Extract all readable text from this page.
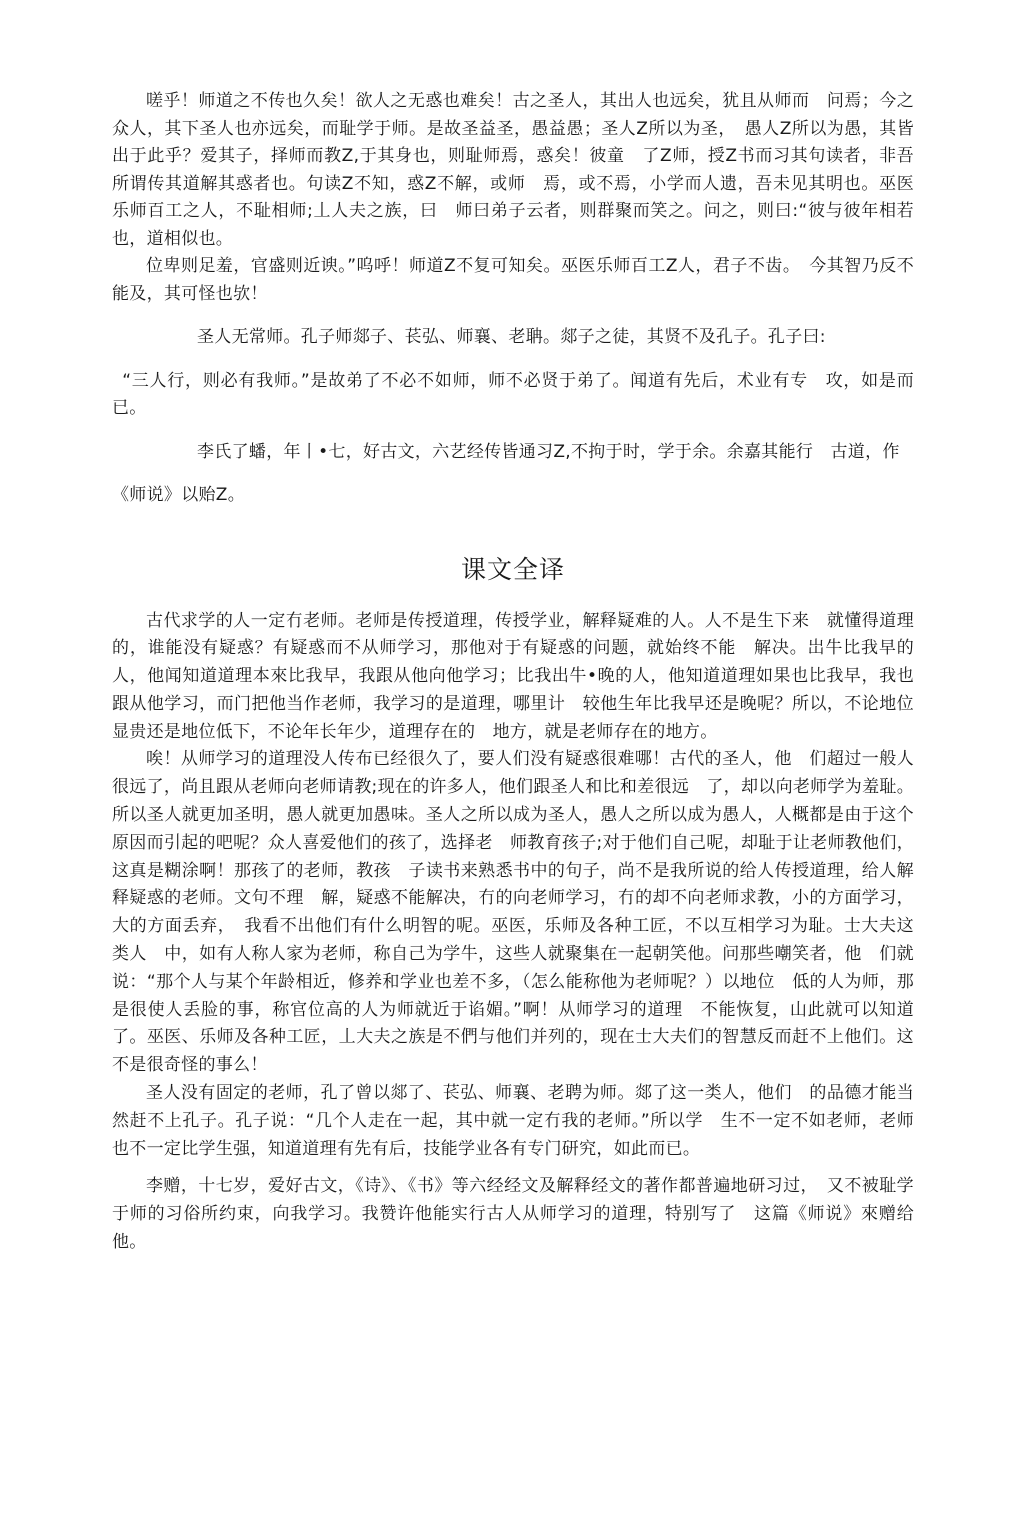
嗟乎！师道之不传也久矣！欲人之无惑也难矣！古之圣人，其出人也远矣，犹且从师而　问焉；今之众人，其下圣人也亦远矣，而耻学于师。是故圣益圣，愚益愚；圣人Z所以为圣，　愚人Z所以为愚，其皆出于此乎？爱其子，择师而教Z,于其身也，则耻师焉，惑矣！彼童　了Z师，授Z书而习其句读者，非吾所谓传其道解其惑者也。句读Z不知，惑Z不解，或师　焉，或不焉，小学而人遗，吾未见其明也。巫医乐师百工之人，不耻相师;丄人夫之族，曰　师曰弟子云者，则群聚而笑之。问之，则曰:“彼与彼年相若也，道相似也。

位卑则足羞，官盛则近谀。”呜呼！师道Z不复可知矣。巫医乐师百工Z人，君子不齿。　今其智乃反不能及，其可怪也欤！

圣人无常师。孔子师郯子、苌弘、师襄、老聃。郯子之徒，其贤不及孔子。孔子曰:

“三人行，则必有我师。”是故弟了不必不如师，师不必贤于弟了。闻道有先后，术业有专　攻，如是而已。

李氏了蟠，年丨•七，好古文，六艺经传皆通习Z,不拘于时，学于余。余嘉其能行　古道，作

《师说》以贻Z。

课文全译

古代求学的人一定冇老师。老师是传授道理，传授学业，解释疑难的人。人不是生下来　就懂得道理的，谁能没有疑惑？有疑惑而不从师学习，那他对于有疑惑的问题，就始终不能　解决。岀牛比我早的人，他闻知道道理本來比我早，我跟从他向他学习；比我出牛•晚的人，他知道道理如果也比我早，我也跟从他学习，而门把他当作老师，我学习的是道理，哪里计　较他生年比我早还是晚呢？所以，不论地位显贵还是地位低下，不论年长年少，道理存在的　地方，就是老师存在的地方。

唉！从师学习的道理没人传布已经很久了，要人们没有疑惑很难哪！古代的圣人，他　们超过一般人很远了，尚且跟从老师向老师请教;现在的许多人，他们跟圣人和比和差很远　了，却以向老师学为羞耻。所以圣人就更加圣明，愚人就更加愚味。圣人之所以成为圣人，愚人之所以成为愚人，人概都是由于这个原因而引起的吧呢？众人喜爱他们的孩了，选择老　师教育孩子;对于他们自己呢，却耻于让老师教他们，这真是糊涂啊！那孩了的老师，教孩　子读书来熟悉书中的句子，尚不是我所说的给人传授道理，给人解释疑惑的老师。文句不理　解，疑惑不能解决，冇的向老师学习，冇的却不向老师求教，小的方面学习，大的方面丢弃，　我看不出他们有什么明智的呢。巫医，乐师及各种工匠，不以互相学习为耻。士大夫这类人　中，如有人称人家为老师，称自己为学牛，这些人就聚集在一起朝笑他。问那些嘲笑者，他　们就说：“那个人与某个年龄相近，修养和学业也差不多，（怎么能称他为老师呢？）以地位　低的人为师，那是很使人丢脸的事，称官位高的人为师就近于谄媚。”啊！从师学习的道理　不能恢复，山此就可以知道了。巫医、乐师及各种工匠，丄大夫之族是不們与他们并列的，现在士大夫们的智慧反而赶不上他们。这不是很奇怪的事么！

圣人没有固定的老师，孔了曾以郯了、苌弘、师襄、老聘为师。郯了这一类人，他们　的品德才能当然赶不上孔子。孔子说：“几个人走在一起，其中就一定冇我的老师。”所以学　生不一定不如老师，老师也不一定比学生强，知道道理有先有后，技能学业各有专门研究，如此而已。

李赠，十七岁，爱好古文，《诗》、《书》等六经经文及解释经文的著作都普遍地研习过，　又不被耻学于师的习俗所约束，向我学习。我赞许他能实行古人从师学习的道理，特别写了　这篇《师说》來赠给他。
